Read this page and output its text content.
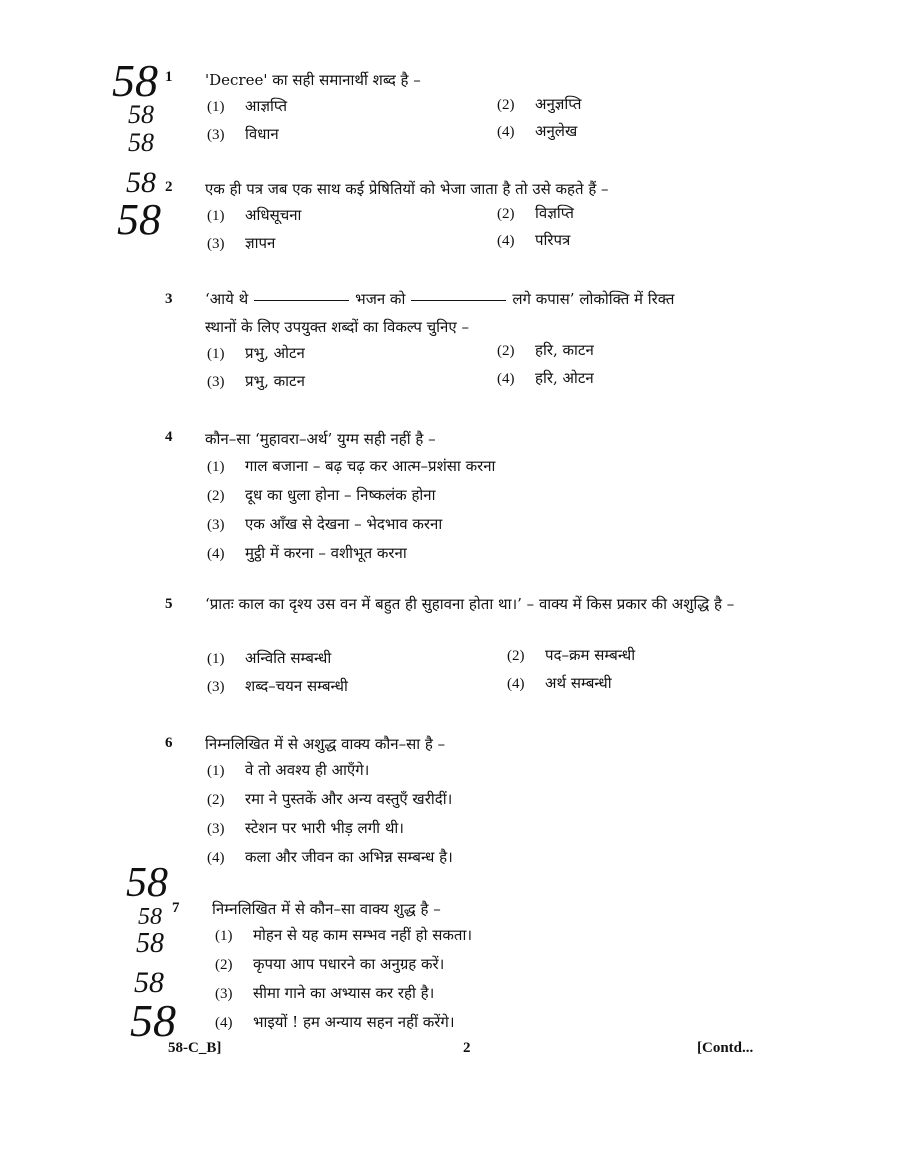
58
58
58
58
58
58
58
58
58
58
1 'Decree' का सही समानार्थी शब्द है –
(1) आज्ञप्ति	(2) अनुज्ञप्ति
(3) विधान	(4) अनुलेख
2 एक ही पत्र जब एक साथ कई प्रेषितियों को भेजा जाता है तो उसे कहते हैं –
(1) अधिसूचना	(2) विज्ञप्ति
(3) ज्ञापन	(4) परिपत्र
3 ‘आये थे	भजन को	लगे कपास’ लोकोक्ति में रिक्त
स्थानों के लिए उपयुक्त शब्दों का विकल्प चुनिए –
(1) प्रभु, ओटन	(2) हरि, काटन
(3) प्रभु, काटन	(4) हरि, ओटन
4 कौन–सा ‘मुहावरा–अर्थ’ युग्म सही नहीं है –
(1) गाल बजाना – बढ़ चढ़ कर आत्म–प्रशंसा करना
(2) दूध का धुला होना – निष्कलंक होना
(3) एक आँख से देखना – भेदभाव करना
(4) मुट्ठी में करना – वशीभूत करना
5 ‘प्रातः काल का दृश्य उस वन में बहुत ही सुहावना होता था।’ – वाक्य में किस प्रकार की अशुद्धि है –
(1) अन्विति सम्बन्धी	(2) पद–क्रम सम्बन्धी
(3) शब्द–चयन सम्बन्धी	(4) अर्थ सम्बन्धी
6 निम्नलिखित में से अशुद्ध वाक्य कौन–सा है –
(1) वे तो अवश्य ही आएँगे।
(2) रमा ने पुस्तकें और अन्य वस्तुएँ खरीदीं।
(3) स्टेशन पर भारी भीड़ लगी थी।
(4) कला और जीवन का अभिन्न सम्बन्ध है।
7 निम्नलिखित में से कौन–सा वाक्य शुद्ध है –
(1) मोहन से यह काम सम्भव नहीं हो सकता।
(2) कृपया आप पधारने का अनुग्रह करें।
(3) सीमा गाने का अभ्यास कर रही है।
(4) भाइयों ! हम अन्याय सहन नहीं करेंगे।
58-C_B]	2	[Contd...
